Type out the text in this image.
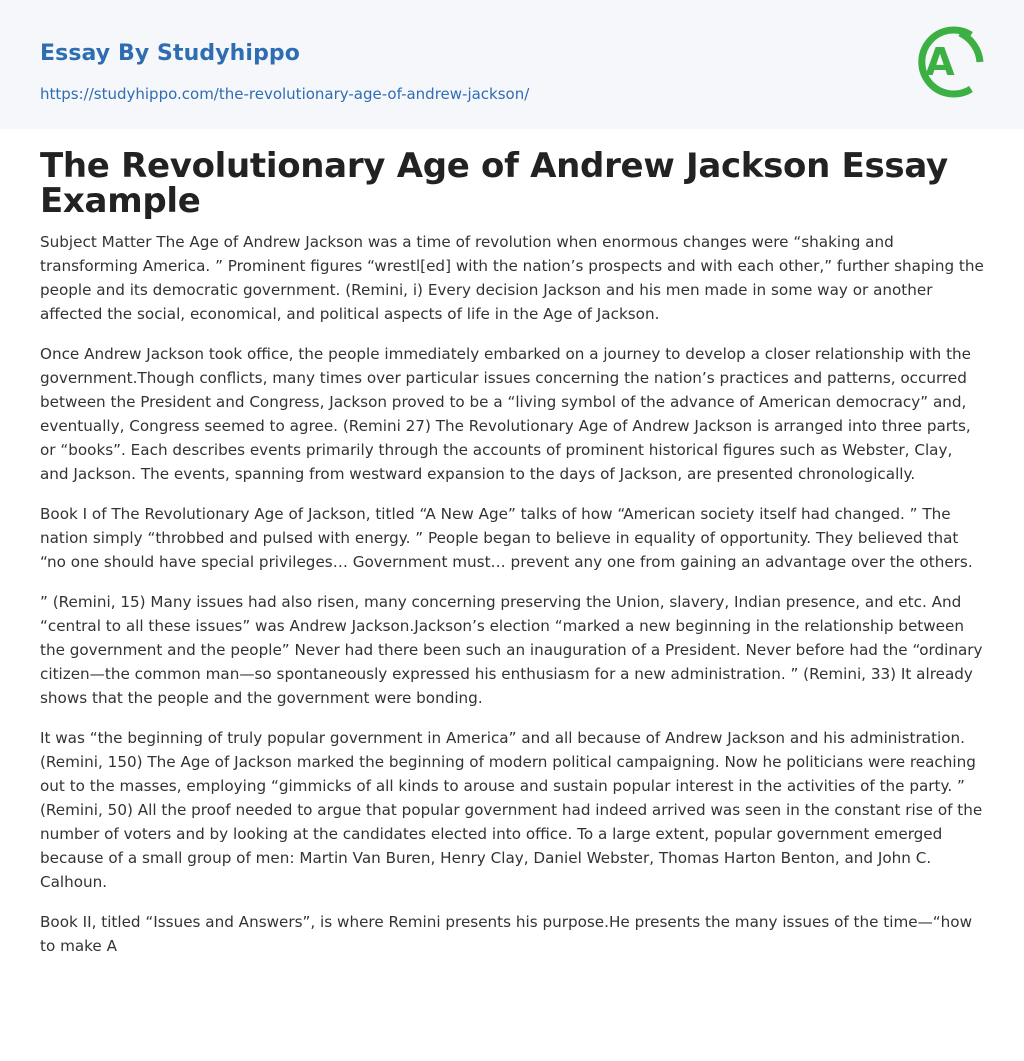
Essay By Studyhippo
https://studyhippo.com/the-revolutionary-age-of-andrew-jackson/
A
The Revolutionary Age of Andrew Jackson Essay Example

Subject Matter The Age of Andrew Jackson was a time of revolution when enormous changes were “shaking and transforming America. ” Prominent figures “wrestl[ed] with the nation’s prospects and with each other,” further shaping the people and its democratic government. (Remini, i) Every decision Jackson and his men made in some way or another affected the social, economical, and political aspects of life in the Age of Jackson.

Once Andrew Jackson took office, the people immediately embarked on a journey to develop a closer relationship with the government.Though conflicts, many times over particular issues concerning the nation’s practices and patterns, occurred between the President and Congress, Jackson proved to be a “living symbol of the advance of American democracy” and, eventually, Congress seemed to agree. (Remini 27) The Revolutionary Age of Andrew Jackson is arranged into three parts, or “books”. Each describes events primarily through the accounts of prominent historical figures such as Webster, Clay, and Jackson. The events, spanning from westward expansion to the days of Jackson, are presented chronologically.

Book I of The Revolutionary Age of Jackson, titled “A New Age” talks of how “American society itself had changed. ” The nation simply “throbbed and pulsed with energy. ” People began to believe in equality of opportunity. They believed that “no one should have special privileges… Government must… prevent any one from gaining an advantage over the others.

” (Remini, 15) Many issues had also risen, many concerning preserving the Union, slavery, Indian presence, and etc. And “central to all these issues” was Andrew Jackson.Jackson’s election “marked a new beginning in the relationship between the government and the people” Never had there been such an inauguration of a President. Never before had the “ordinary citizen—the common man—so spontaneously expressed his enthusiasm for a new administration. ” (Remini, 33) It already shows that the people and the government were bonding.

It was “the beginning of truly popular government in America” and all because of Andrew Jackson and his administration. (Remini, 150) The Age of Jackson marked the beginning of modern political campaigning. Now he politicians were reaching out to the masses, employing “gimmicks of all kinds to arouse and sustain popular interest in the activities of the party. ” (Remini, 50) All the proof needed to argue that popular government had indeed arrived was seen in the constant rise of the number of voters and by looking at the candidates elected into office. To a large extent, popular government emerged because of a small group of men: Martin Van Buren, Henry Clay, Daniel Webster, Thomas Harton Benton, and John C. Calhoun.

Book II, titled “Issues and Answers”, is where Remini presents his purpose.He presents the many issues of the time—“how to make A
